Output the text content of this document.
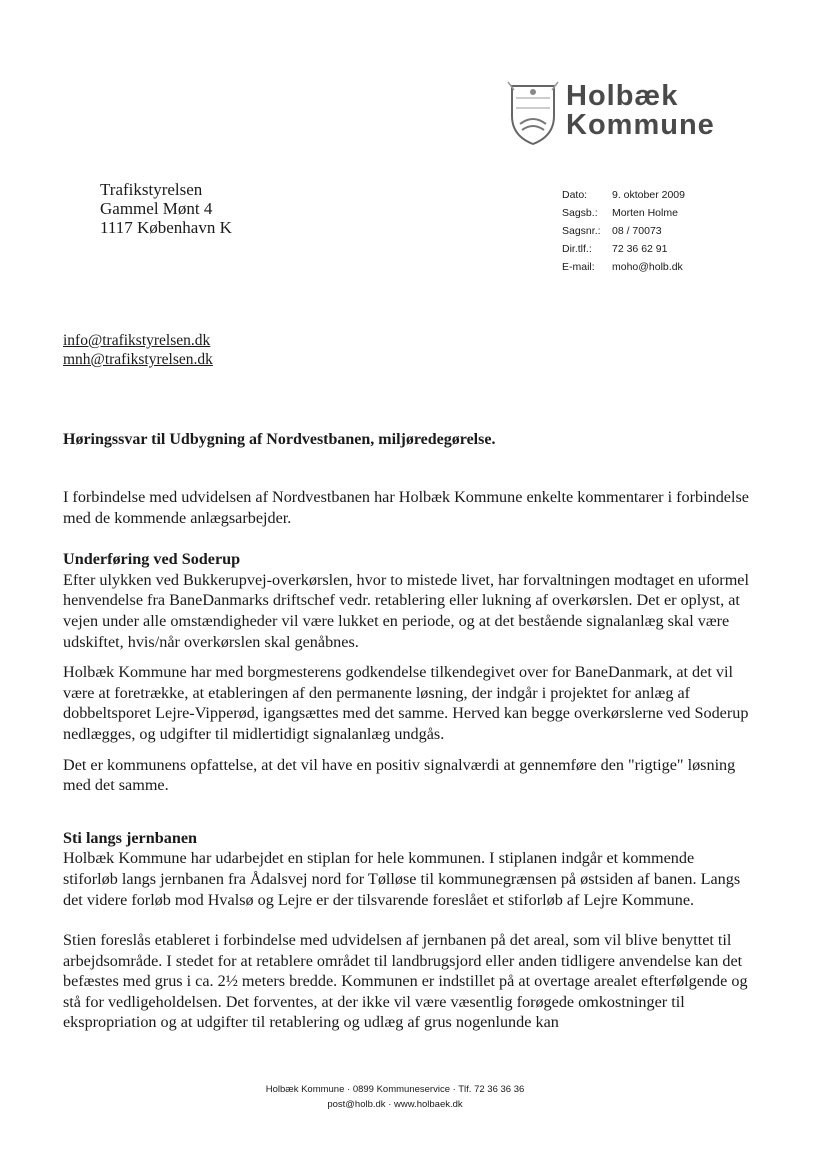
Holbæk
Kommune
Trafikstyrelsen
Gammel Mønt 4
1117 København K
Dato:	9. oktober 2009
Sagsb.:	Morten Holme
Sagsnr.:	08 / 70073
Dir.tlf.:	72 36 62 91
E-mail:	moho@holb.dk
info@trafikstyrelsen.dk
mnh@trafikstyrelsen.dk
Høringssvar til Udbygning af Nordvestbanen, miljøredegørelse.

I forbindelse med udvidelsen af Nordvestbanen har Holbæk Kommune enkelte kommentarer i forbindelse med de kommende anlægsarbejder.

Underføring ved Soderup

Efter ulykken ved Bukkerupvej-overkørslen, hvor to mistede livet, har forvaltningen modtaget en uformel henvendelse fra BaneDanmarks driftschef vedr. retablering eller lukning af overkørslen. Det er oplyst, at vejen under alle omstændigheder vil være lukket en periode, og at det bestående signalanlæg skal være udskiftet, hvis/når overkørslen skal genåbnes.

Holbæk Kommune har med borgmesterens godkendelse tilkendegivet over for BaneDanmark, at det vil være at foretrække, at etableringen af den permanente løsning, der indgår i projektet for anlæg af dobbeltsporet Lejre-Vipperød, igangsættes med det samme. Herved kan begge overkørslerne ved Soderup nedlægges, og udgifter til midlertidigt signalanlæg undgås.

Det er kommunens opfattelse, at det vil have en positiv signalværdi at gennemføre den "rigtige" løsning med det samme.

Sti langs jernbanen

Holbæk Kommune har udarbejdet en stiplan for hele kommunen. I stiplanen indgår et kommende stiforløb langs jernbanen fra Ådalsvej nord for Tølløse til kommunegrænsen på østsiden af banen. Langs det videre forløb mod Hvalsø og Lejre er der tilsvarende foreslået et stiforløb af Lejre Kommune.

Stien foreslås etableret i forbindelse med udvidelsen af jernbanen på det areal, som vil blive benyttet til arbejdsområde. I stedet for at retablere området til landbrugsjord eller anden tidligere anvendelse kan det befæstes med grus i ca. 2½ meters bredde. Kommunen er indstillet på at overtage arealet efterfølgende og stå for vedligeholdelsen. Det forventes, at der ikke vil være væsentlig forøgede omkostninger til ekspropriation og at udgifter til retablering og udlæg af grus nogenlunde kan

Holbæk Kommune · 0899 Kommuneservice · Tlf. 72 36 36 36
post@holb.dk · www.holbaek.dk
